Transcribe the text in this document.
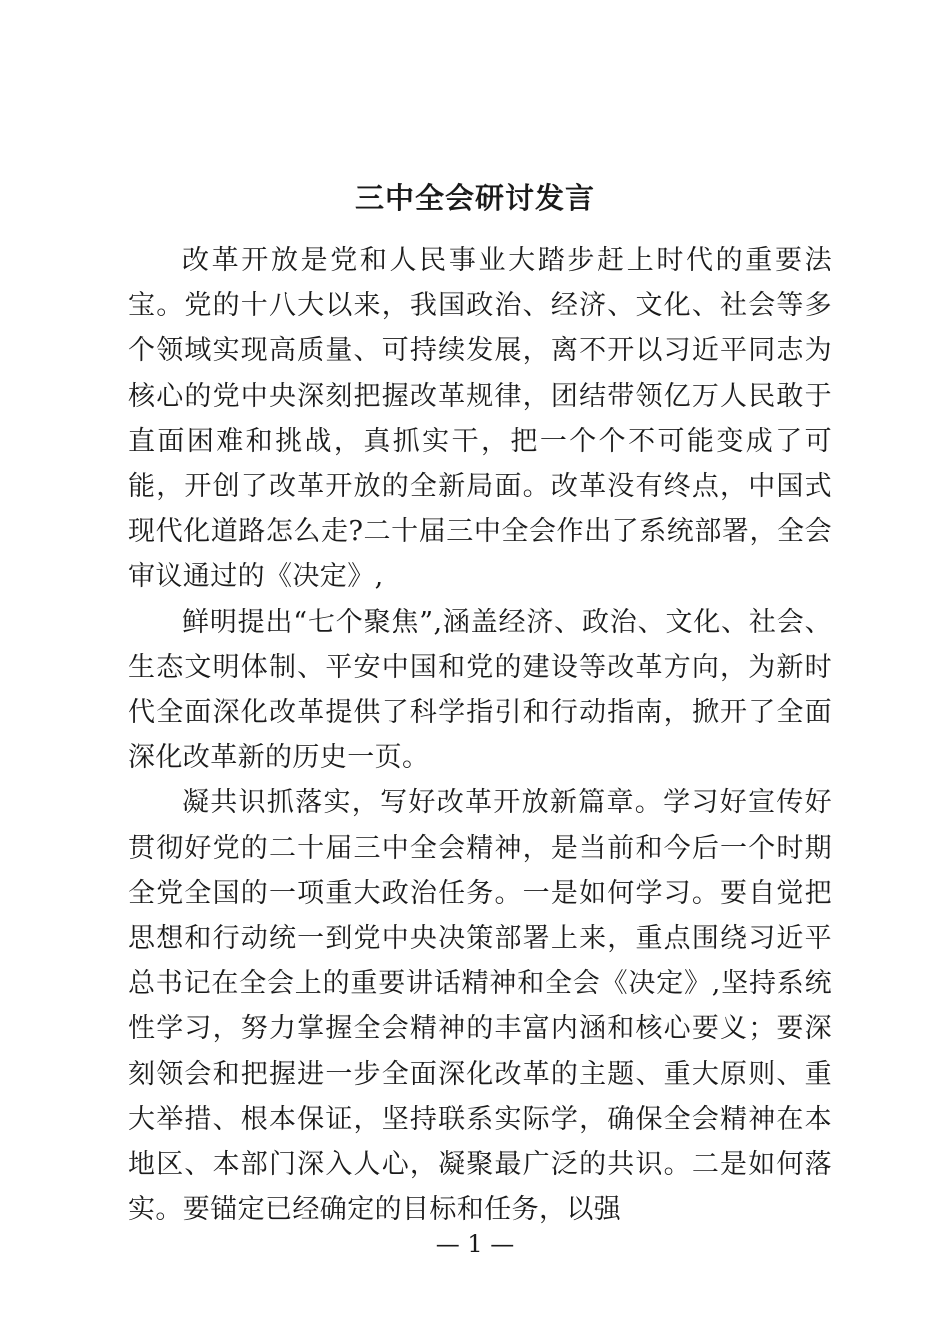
三中全会研讨发言

改革开放是党和人民事业大踏步赶上时代的重要法宝。党的十八大以来，我国政治、经济、文化、社会等多个领域实现高质量、可持续发展，离不开以习近平同志为核心的党中央深刻把握改革规律，团结带领亿万人民敢于直面困难和挑战，真抓实干，把一个个不可能变成了可能，开创了改革开放的全新局面。改革没有终点，中国式现代化道路怎么走?二十届三中全会作出了系统部署，全会审议通过的《决定》,

鲜明提出“七个聚焦”,涵盖经济、政治、文化、社会、生态文明体制、平安中国和党的建设等改革方向，为新时代全面深化改革提供了科学指引和行动指南，掀开了全面深化改革新的历史一页。

凝共识抓落实，写好改革开放新篇章。学习好宣传好贯彻好党的二十届三中全会精神，是当前和今后一个时期全党全国的一项重大政治任务。一是如何学习。要自觉把思想和行动统一到党中央决策部署上来，重点围绕习近平总书记在全会上的重要讲话精神和全会《决定》,坚持系统性学习，努力掌握全会精神的丰富内涵和核心要义；要深刻领会和把握进一步全面深化改革的主题、重大原则、重大举措、根本保证，坚持联系实际学，确保全会精神在本地区、本部门深入人心，凝聚最广泛的共识。二是如何落实。要锚定已经确定的目标和任务，以强

— 1 —
